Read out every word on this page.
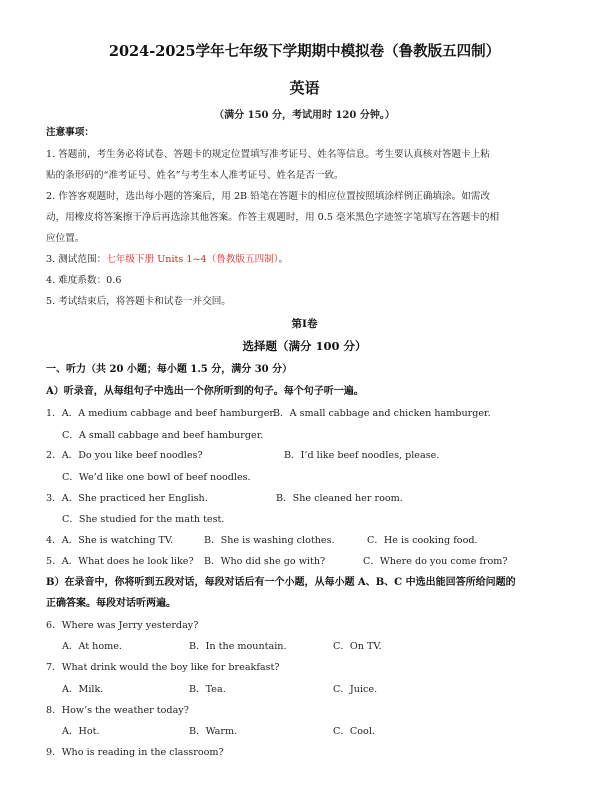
2024-2025学年七年级下学期期中模拟卷（鲁教版五四制）
英语
（满分 150 分，考试用时 120 分钟。）
注意事项：
1. 答题前，考生务必将试卷、答题卡的规定位置填写准考证号、姓名等信息。考生要认真核对答题卡上粘
贴的条形码的“准考证号、姓名”与考生本人准考证号、姓名是否一致。
2. 作答客观题时，选出每小题的答案后，用 2B 铅笔在答题卡的相应位置按照填涂样例正确填涂。如需改
动，用橡皮将答案擦干净后再选涂其他答案。作答主观题时，用 0.5 毫米黑色字迹签字笔填写在答题卡的相
应位置。
3. 测试范围：七年级下册 Units 1~4（鲁教版五四制）。
4. 难度系数：0.6
5. 考试结束后，将答题卡和试卷一并交回。
第Ⅰ卷
选择题（满分 100 分）
一、听力（共 20 小题；每小题 1.5 分，满分 30 分）
A）听录音，从每组句子中选出一个你所听到的句子。每个句子听一遍。
1．A．A medium cabbage and beef hamburger.
B．A small cabbage and chicken hamburger.
C．A small cabbage and beef hamburger.
2．A．Do you like beef noodles?	B．I’d like beef noodles, please.
C．We’d like one bowl of beef noodles.
3．A．She practiced her English.	B．She cleaned her room.
C．She studied for the math test.
4．A．She is watching TV.	B．She is washing clothes.	C．He is cooking food.
5．A．What does he look like? B．Who did she go with?	C．Where do you come from?
B）在录音中，你将听到五段对话，每段对话后有一个小题，从每小题 A、B、C 中选出能回答所给问题的
正确答案。每段对话听两遍。
6．Where was Jerry yesterday?
A．At home.	B．In the mountain.	C．On TV.
7．What drink would the boy like for breakfast?
A．Milk.	B．Tea.	C．Juice.
8．How’s the weather today?
A．Hot.	B．Warm.	C．Cool.
9．Who is reading in the classroom?
